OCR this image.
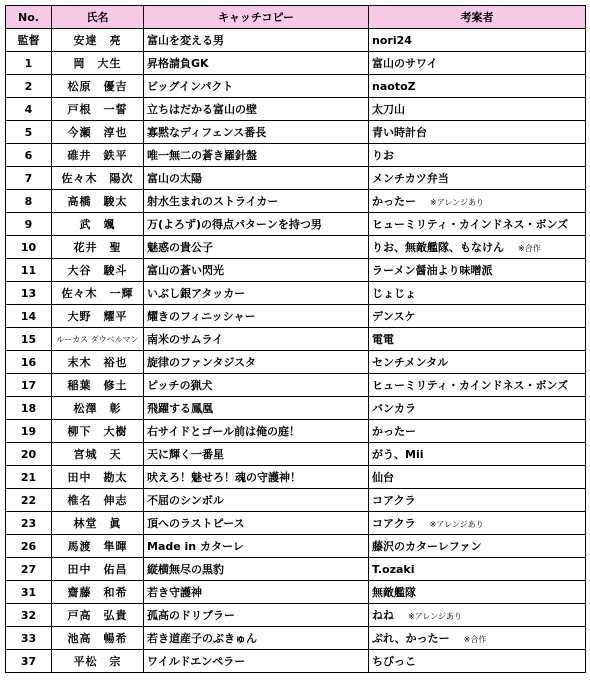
No.	氏名	キャッチコピー	考案者
監督	安達　亮	富山を変える男	nori24
1	岡　大生	昇格請負GK	富山のサワイ
2	松原　優吉	ビッグインパクト	naotoZ
4	戸根　一誓	立ちはだかる富山の壁	太刀山
5	今瀬　淳也	寡黙なディフェンス番長	青い時計台
6	碓井　鉄平	唯一無二の蒼き羅針盤	りお
7	佐々木　陽次	富山の太陽	メンチカツ弁当
8	高橋　駿太	射水生まれのストライカー	かったー ※アレンジあり
9	武　颯	万(よろず)の得点パターンを持つ男	ヒューミリティ・カインドネス・ボンズ
10	花井　聖	魅惑の貴公子	りお、無敵艦隊、もなけん ※合作
11	大谷　駿斗	富山の蒼い閃光	ラーメン醤油より味噌派
13	佐々木　一輝	いぶし銀アタッカー	じょじょ
14	大野　耀平	耀きのフィニッシャー	デンスケ
15	ルーカス ダウベルマン	南米のサムライ	電電
16	末木　裕也	旋律のファンタジスタ	センチメンタル
17	稲葉　修土	ピッチの猟犬	ヒューミリティ・カインドネス・ボンズ
18	松澤　彰	飛躍する鳳凰	バンカラ
19	柳下　大樹	右サイドとゴール前は俺の庭！	かったー
20	宮城　天	天に輝く一番星	がう、Mii
21	田中　勘太	吠えろ！魅せろ！魂の守護神！	仙台
22	椎名　伸志	不屈のシンボル	コアクラ
23	林堂　眞	頂へのラストピース	コアクラ ※アレンジあり
26	馬渡　隼暉	Made in カターレ	藤沢のカターレファン
27	田中　佑昌	縦横無尽の黒豹	T.ozaki
31	齋藤　和希	若き守護神	無敵艦隊
32	戸高　弘貴	孤高のドリブラー	ねね ※アレンジあり
33	池高　暢希	若き道産子のぶきゅん	ぷれ、かったー ※合作
37	平松　宗	ワイルドエンペラー	ちびっこ
